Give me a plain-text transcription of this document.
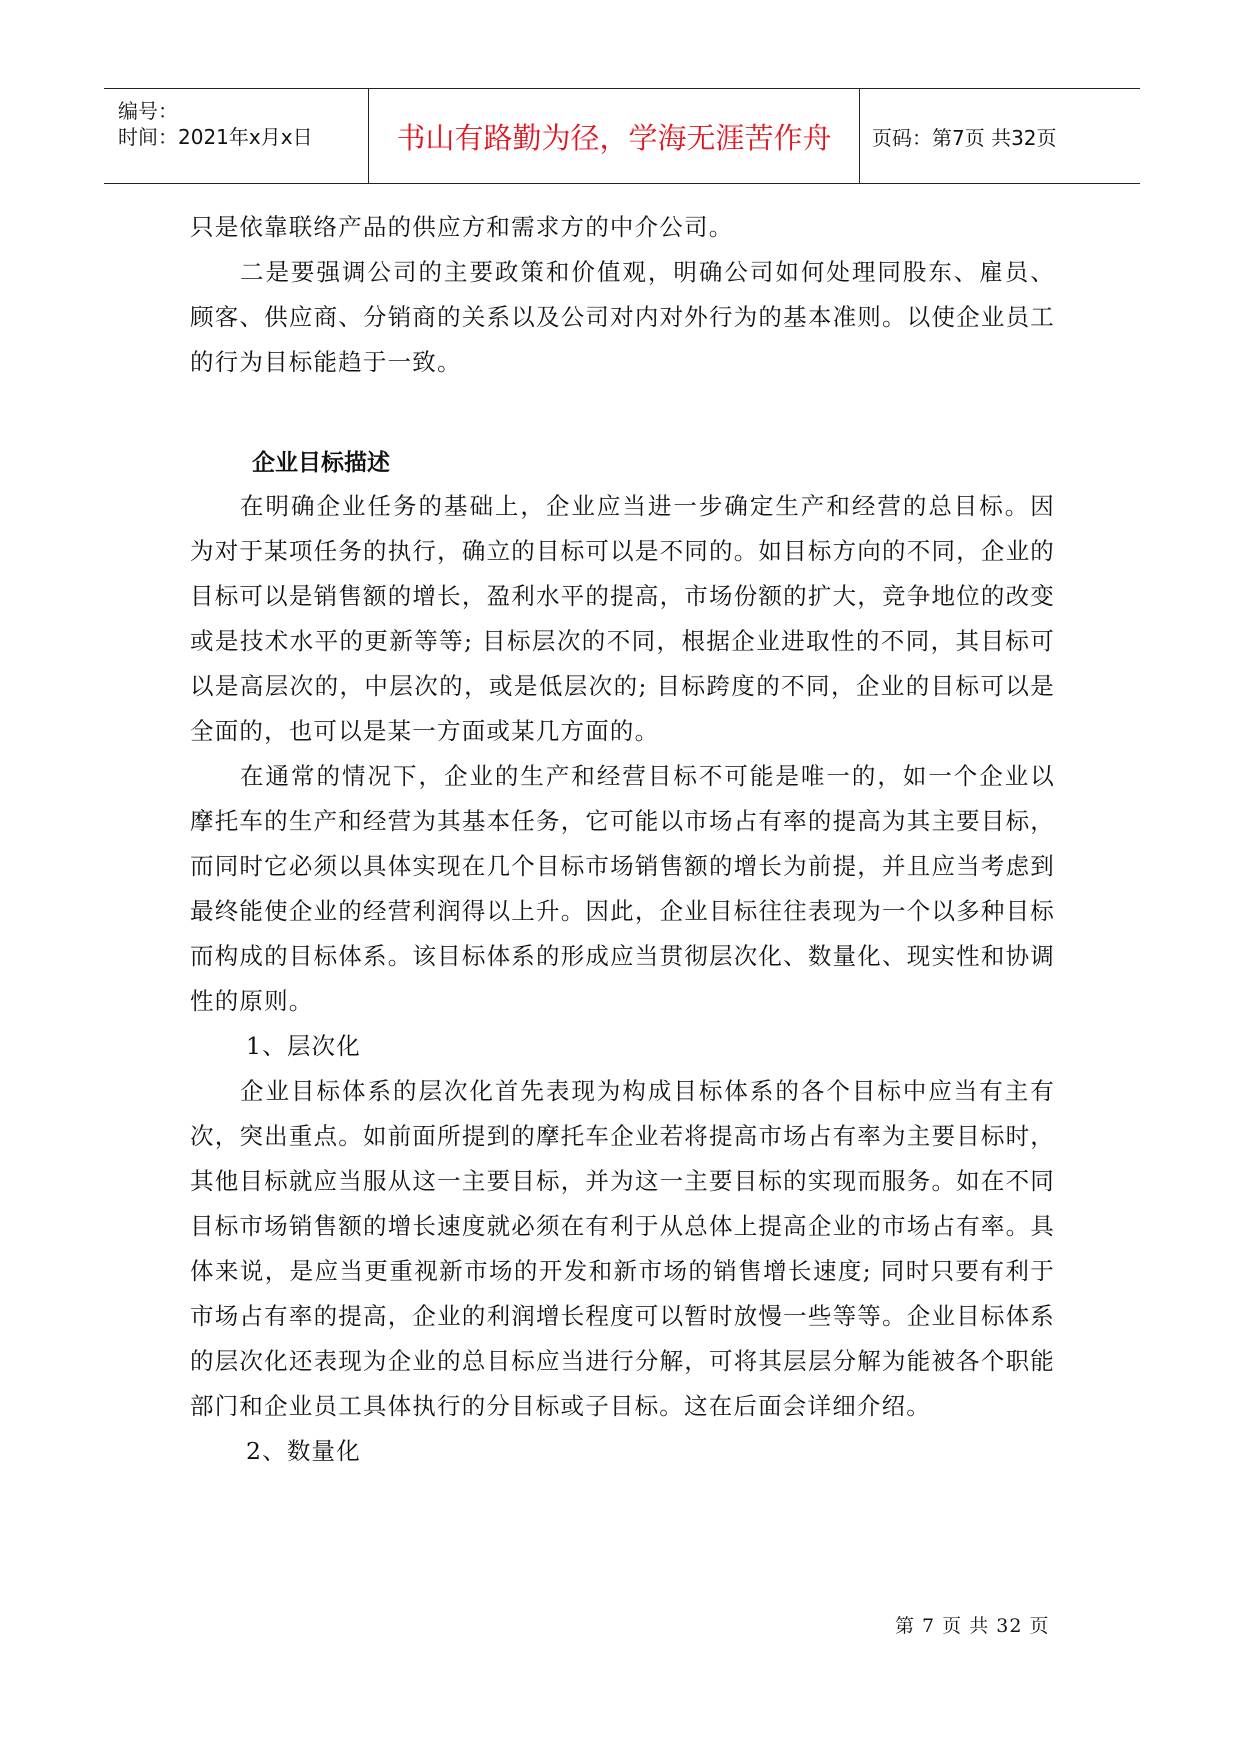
编号：
时间：2021年x月x日	书山有路勤为径，学海无涯苦作舟 页码：第7页 共32页

只是依靠联络产品的供应方和需求方的中介公司。

二是要强调公司的主要政策和价值观，明确公司如何处理同股东、雇员、顾客、供应商、分销商的关系以及公司对内对外行为的基本准则。以使企业员工的行为目标能趋于一致。

企业目标描述

在明确企业任务的基础上，企业应当进一步确定生产和经营的总目标。因为对于某项任务的执行，确立的目标可以是不同的。如目标方向的不同，企业的目标可以是销售额的增长，盈利水平的提高，市场份额的扩大，竞争地位的改变或是技术水平的更新等等; 目标层次的不同，根据企业进取性的不同，其目标可以是高层次的，中层次的，或是低层次的; 目标跨度的不同，企业的目标可以是全面的，也可以是某一方面或某几方面的。

在通常的情况下，企业的生产和经营目标不可能是唯一的，如一个企业以摩托车的生产和经营为其基本任务，它可能以市场占有率的提高为其主要目标，而同时它必须以具体实现在几个目标市场销售额的增长为前提，并且应当考虑到最终能使企业的经营利润得以上升。因此，企业目标往往表现为一个以多种目标而构成的目标体系。该目标体系的形成应当贯彻层次化、数量化、现实性和协调性的原则。

1、层次化

企业目标体系的层次化首先表现为构成目标体系的各个目标中应当有主有次，突出重点。如前面所提到的摩托车企业若将提高市场占有率为主要目标时，其他目标就应当服从这一主要目标，并为这一主要目标的实现而服务。如在不同目标市场销售额的增长速度就必须在有利于从总体上提高企业的市场占有率。具体来说，是应当更重视新市场的开发和新市场的销售增长速度; 同时只要有利于市场占有率的提高，企业的利润增长程度可以暂时放慢一些等等。企业目标体系的层次化还表现为企业的总目标应当进行分解，可将其层层分解为能被各个职能部门和企业员工具体执行的分目标或子目标。这在后面会详细介绍。

2、数量化
第 7 页 共 32 页
